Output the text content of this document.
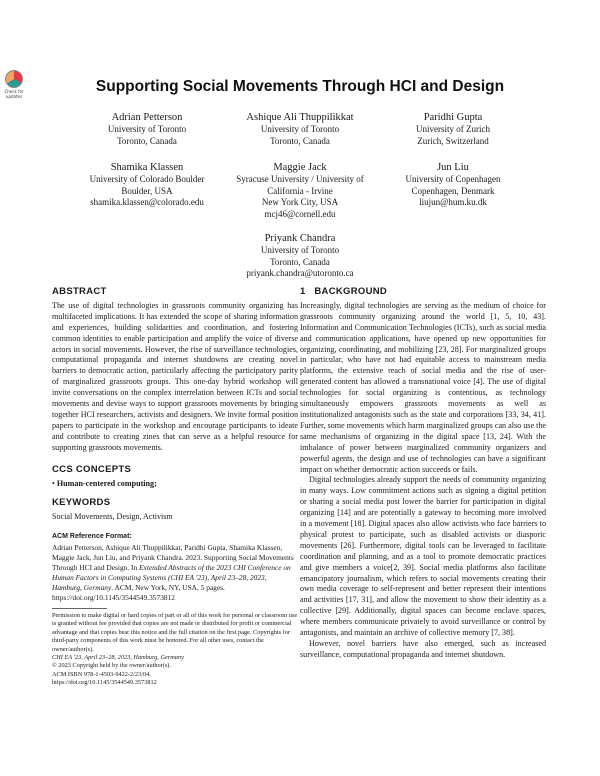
Check for updates
Supporting Social Movements Through HCI and Design
Adrian Petterson
University of Toronto
Toronto, Canada
Ashique Ali Thuppilikkat
University of Toronto
Toronto, Canada
Paridhi Gupta
University of Zurich
Zurich, Switzerland
Shamika Klassen
University of Colorado Boulder
Boulder, USA
shamika.klassen@colorado.edu
Maggie Jack
Syracuse University / University of
California - Irvine
New York City, USA
mcj46@cornell.edu
Jun Liu
University of Copenhagen
Copenhagen, Denmark
liujun@hum.ku.dk
Priyank Chandra
University of Toronto
Toronto, Canada
priyank.chandra@utoronto.ca
ABSTRACT

The use of digital technologies in grassroots community organizing has multifaceted implications. It has extended the scope of sharing information and experiences, building solidarities and coordination, and fostering common identities to enable participation and amplify the voice of diverse actors in social movements. However, the rise of surveillance technologies, computational propaganda and internet shutdowns are creating novel barriers to democratic action, particularly affecting the participatory parity of marginalized grassroots groups. This one-day hybrid workshop will invite conversations on the complex interrelation between ICTs and social movements and devise ways to support grassroots movements by bringing together HCI researchers, activists and designers. We invite formal position papers to participate in the workshop and encourage participants to ideate and contribute to creating zines that can serve as a helpful resource for supporting grassroots movements.

CCS CONCEPTS
• Human-centered computing;
KEYWORDS
Social Movements, Design, Activism
ACM Reference Format:

Adrian Petterson, Ashique Ali Thuppilikkat, Paridhi Gupta, Shamika Klassen, Maggie Jack, Jun Liu, and Priyank Chandra. 2023. Supporting Social Movements Through HCI and Design. In Extended Abstracts of the 2023 CHI Conference on Human Factors in Computing Systems (CHI EA '23), April 23–28, 2023, Hamburg, Germany. ACM, New York, NY, USA, 5 pages. https://doi.org/10.1145/3544549.3573812

Permission to make digital or hard copies of part or all of this work for personal or classroom use is granted without fee provided that copies are not made or distributed for profit or commercial advantage and that copies bear this notice and the full citation on the first page. Copyrights for third-party components of this work must be honored. For all other uses, contact the owner/author(s).

CHI EA '23, April 23–28, 2023, Hamburg, Germany

© 2023 Copyright held by the owner/author(s).

ACM ISBN 978-1-4503-9422-2/23/04.

https://doi.org/10.1145/3544549.3573812

1   BACKGROUND

Increasingly, digital technologies are serving as the medium of choice for grassroots community organizing around the world [1, 5, 10, 43]. Information and Communication Technologies (ICTs), such as social media and communication applications, have opened up new opportunities for organizing, coordinating, and mobilizing [23, 28]. For marginalized groups in particular, who have not had equitable access to mainstream media platforms, the extensive reach of social media and the rise of user-generated content has allowed a transnational voice [4]. The use of digital technologies for social organizing is contentious, as technology simultaneously empowers grassroots movements as well as institutionalized antagonists such as the state and corporations [33, 34, 41]. Further, some movements which harm marginalized groups can also use the same mechanisms of organizing in the digital space [13, 24]. With the imbalance of power between marginalized community organizers and powerful agents, the design and use of technologies can have a significant impact on whether democratic action succeeds or fails.

Digital technologies already support the needs of community organizing in many ways. Low commitment actions such as signing a digital petition or sharing a social media post lower the barrier for participation in digital organizing [14] and are potentially a gateway to becoming more involved in a movement [18]. Digital spaces also allow activists who face barriers to physical protest to participate, such as disabled activists or diasporic movements [26]. Furthermore, digital tools can be leveraged to facilitate coordination and planning, and as a tool to promote democratic practices and give members a voice[2, 39]. Social media platforms also facilitate emancipatory journalism, which refers to social movements creating their own media coverage to self-represent and better represent their intentions and activities [17, 31], and allow the movement to show their identity as a collective [29]. Additionally, digital spaces can become enclave spaces, where members communicate privately to avoid surveillance or control by antagonists, and maintain an archive of collective memory [7, 38].

However, novel barriers have also emerged, such as increased surveillance, computational propaganda and internet shutdown.
